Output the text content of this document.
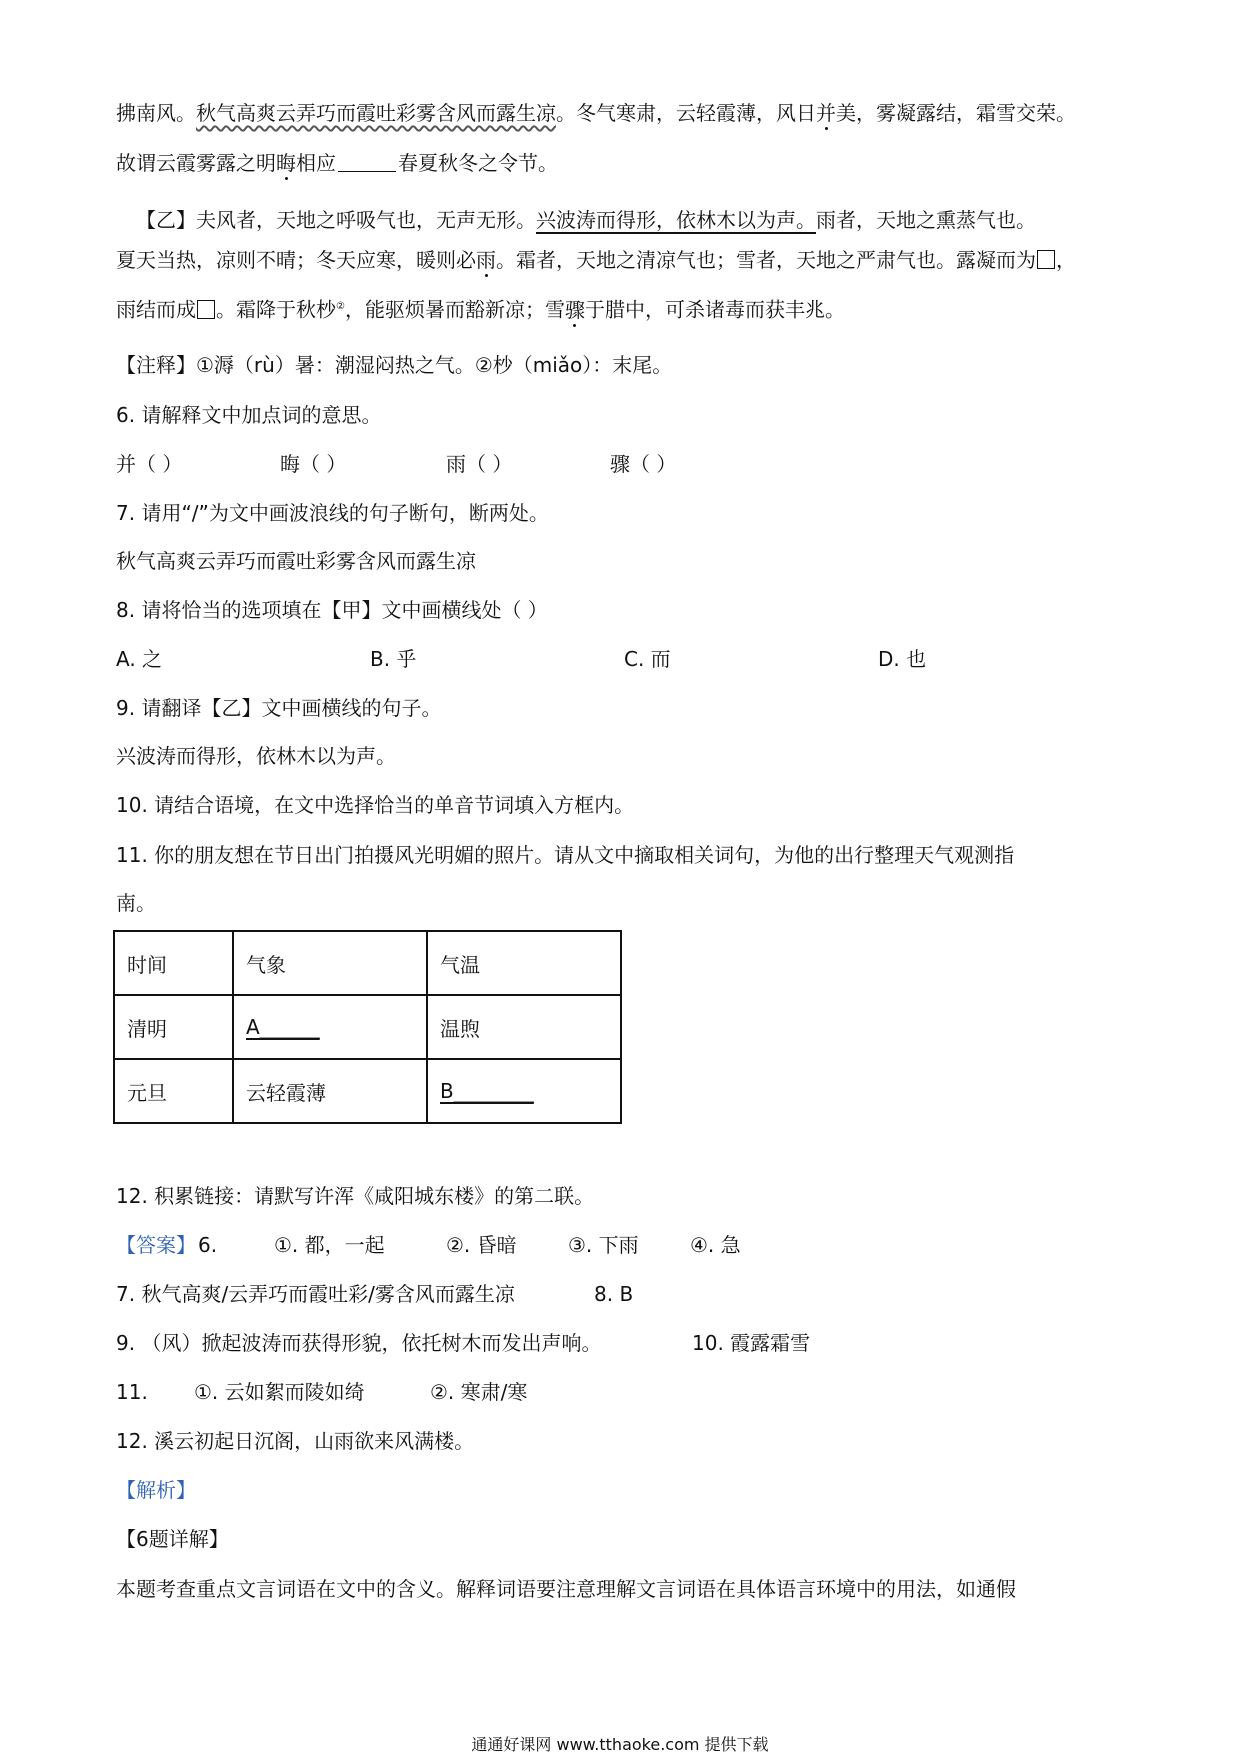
拂南风。秋气高爽云弄巧而霞吐彩雾含风而露生凉。冬气寒肃，云轻霞薄，风日并美，雾凝露结，霜雪交荣。
故谓云霞雾露之明晦相应	春夏秋冬之令节。
【乙】夫风者，天地之呼吸气也，无声无形。兴波涛而得形，依林木以为声。雨者，天地之熏蒸气也。
夏天当热，凉则不晴；冬天应寒，暖则必雨。霜者，天地之清凉气也；雪者，天地之严肃气也。露凝而为 ，
雨结而成 。霜降于秋杪②，能驱烦暑而豁新凉；雪骤于腊中，可杀诸毒而获丰兆。
【注释】①溽（rù）暑：潮湿闷热之气。②杪（miǎo）：末尾。
6. 请解释文中加点词的意思。
并（ ）	晦（ ）	雨（ ）	骤（ ）
7. 请用“/”为文中画波浪线的句子断句，断两处。
秋气高爽云弄巧而霞吐彩雾含风而露生凉
8. 请将恰当的选项填在【甲】文中画横线处（ ）
A. 之	B. 乎	C. 而	D. 也
9. 请翻译【乙】文中画横线的句子。
兴波涛而得形，依林木以为声。
10. 请结合语境，在文中选择恰当的单音节词填入方框内。
11. 你的朋友想在节日出门拍摄风光明媚的照片。请从文中摘取相关词句，为他的出行整理天气观测指
南。
时间	气象	气温
清明	A______	温煦
元旦	云轻霞薄	B________
12. 积累链接：请默写许浑《咸阳城东楼》的第二联。
【答案】 6.	①. 都，一起	②. 昏暗	③. 下雨	④. 急
7. 秋气高爽/云弄巧而霞吐彩/雾含风而露生凉	8. B
9. （风）掀起波涛而获得形貌，依托树木而发出声响。	10. 霞露霜雪
11. ①. 云如絮而陵如绮	②. 寒肃/寒
12. 溪云初起日沉阁，山雨欲来风满楼。
【解析】
【6题详解】
本题考查重点文言词语在文中的含义。解释词语要注意理解文言词语在具体语言环境中的用法，如通假
通通好课网 www.tthaoke.com 提供下载
